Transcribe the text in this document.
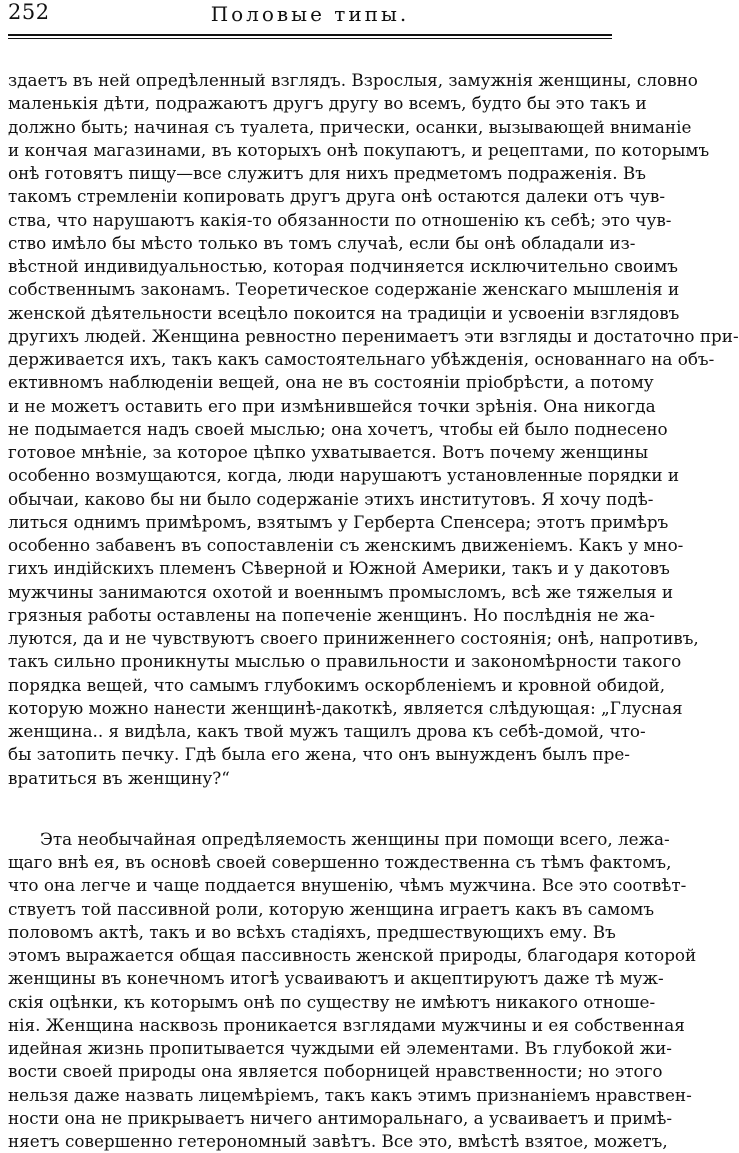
252	Половые типы.
здаетъ въ ней опредѣленный взглядъ. Взрослыя, замужнія женщины, словно
маленькія дѣти, подражаютъ другъ другу во всемъ, будто бы это такъ и
должно быть; начиная съ туалета, прически, осанки, вызывающей вниманіе
и кончая магазинами, въ которыхъ онѣ покупаютъ, и рецептами, по которымъ
онѣ готовятъ пищу—все служитъ для нихъ предметомъ подраженія. Въ
такомъ стремленіи копировать другъ друга онѣ остаются далеки отъ чув-
ства, что нарушаютъ какія-то обязанности по отношенію къ себѣ; это чув-
ство имѣло бы мѣсто только въ томъ случаѣ, если бы онѣ обладали из-
вѣстной индивидуальностью, которая подчиняется исключительно своимъ
собственнымъ законамъ. Теоретическое содержаніе женскаго мышленія и
женской дѣятельности всецѣло покоится на традиціи и усвоеніи взглядовъ
другихъ людей. Женщина ревностно перенимаетъ эти взгляды и достаточно при-
держивается ихъ, такъ какъ самостоятельнаго убѣжденія, основаннаго на объ-
ективномъ наблюденіи вещей, она не въ состояніи пріобрѣсти, а потому
и не можетъ оставить его при измѣнившейся точки зрѣнія. Она никогда
не подымается надъ своей мыслью; она хочетъ, чтобы ей было поднесено
готовое мнѣніе, за которое цѣпко ухватывается. Вотъ почему женщины
особенно возмущаются, когда, люди нарушаютъ установленные порядки и
обычаи, каково бы ни было содержаніе этихъ институтовъ. Я хочу подѣ-
литься однимъ примѣромъ, взятымъ у Герберта Спенсера; этотъ примѣръ
особенно забавенъ въ сопоставленіи съ женскимъ движеніемъ. Какъ у мно-
гихъ индійскихъ племенъ Сѣверной и Южной Америки, такъ и у дакотовъ
мужчины занимаются охотой и военнымъ промысломъ, всѣ же тяжелыя и
грязныя работы оставлены на попеченіе женщинъ. Но послѣднія не жа-
луются, да и не чувствуютъ своего приниженнего состоянія; онѣ, напротивъ,
такъ сильно проникнуты мыслью о правильности и закономѣрности такого
порядка вещей, что самымъ глубокимъ оскорбленіемъ и кровной обидой,
которую можно нанести женщинѣ-дакоткѣ, является слѣдующая: „Глусная
женщина.. я видѣла, какъ твой мужъ тащилъ дрова къ себѣ-домой, что-
бы затопить печку. Гдѣ была его жена, что онъ вынужденъ былъ пре-
вратиться въ женщину?“
Эта необычайная опредѣляемость женщины при помощи всего, лежа-
щаго внѣ ея, въ основѣ своей совершенно тождественна съ тѣмъ фактомъ,
что она легче и чаще поддается внушенію, чѣмъ мужчина. Все это соотвѣт-
ствуетъ той пассивной роли, которую женщина играетъ какъ въ самомъ
половомъ актѣ, такъ и во всѣхъ стадіяхъ, предшествующихъ ему. Въ
этомъ выражается общая пассивность женской природы, благодаря которой
женщины въ конечномъ итогѣ усваиваютъ и акцептируютъ даже тѣ муж-
скія оцѣнки, къ которымъ онѣ по существу не имѣютъ никакого отноше-
нія. Женщина насквозь проникается взглядами мужчины и ея собственная
идейная жизнь пропитывается чуждыми ей элементами. Въ глубокой жи-
вости своей природы она является поборницей нравственности; но этого
нельзя даже назвать лицемѣріемъ, такъ какъ этимъ признаніемъ нравствен-
ности она не прикрываетъ ничего антиморальнаго, а усваиваетъ и примѣ-
няетъ совершенно гетерономный завѣтъ. Все это, вмѣстѣ взятое, можетъ,
